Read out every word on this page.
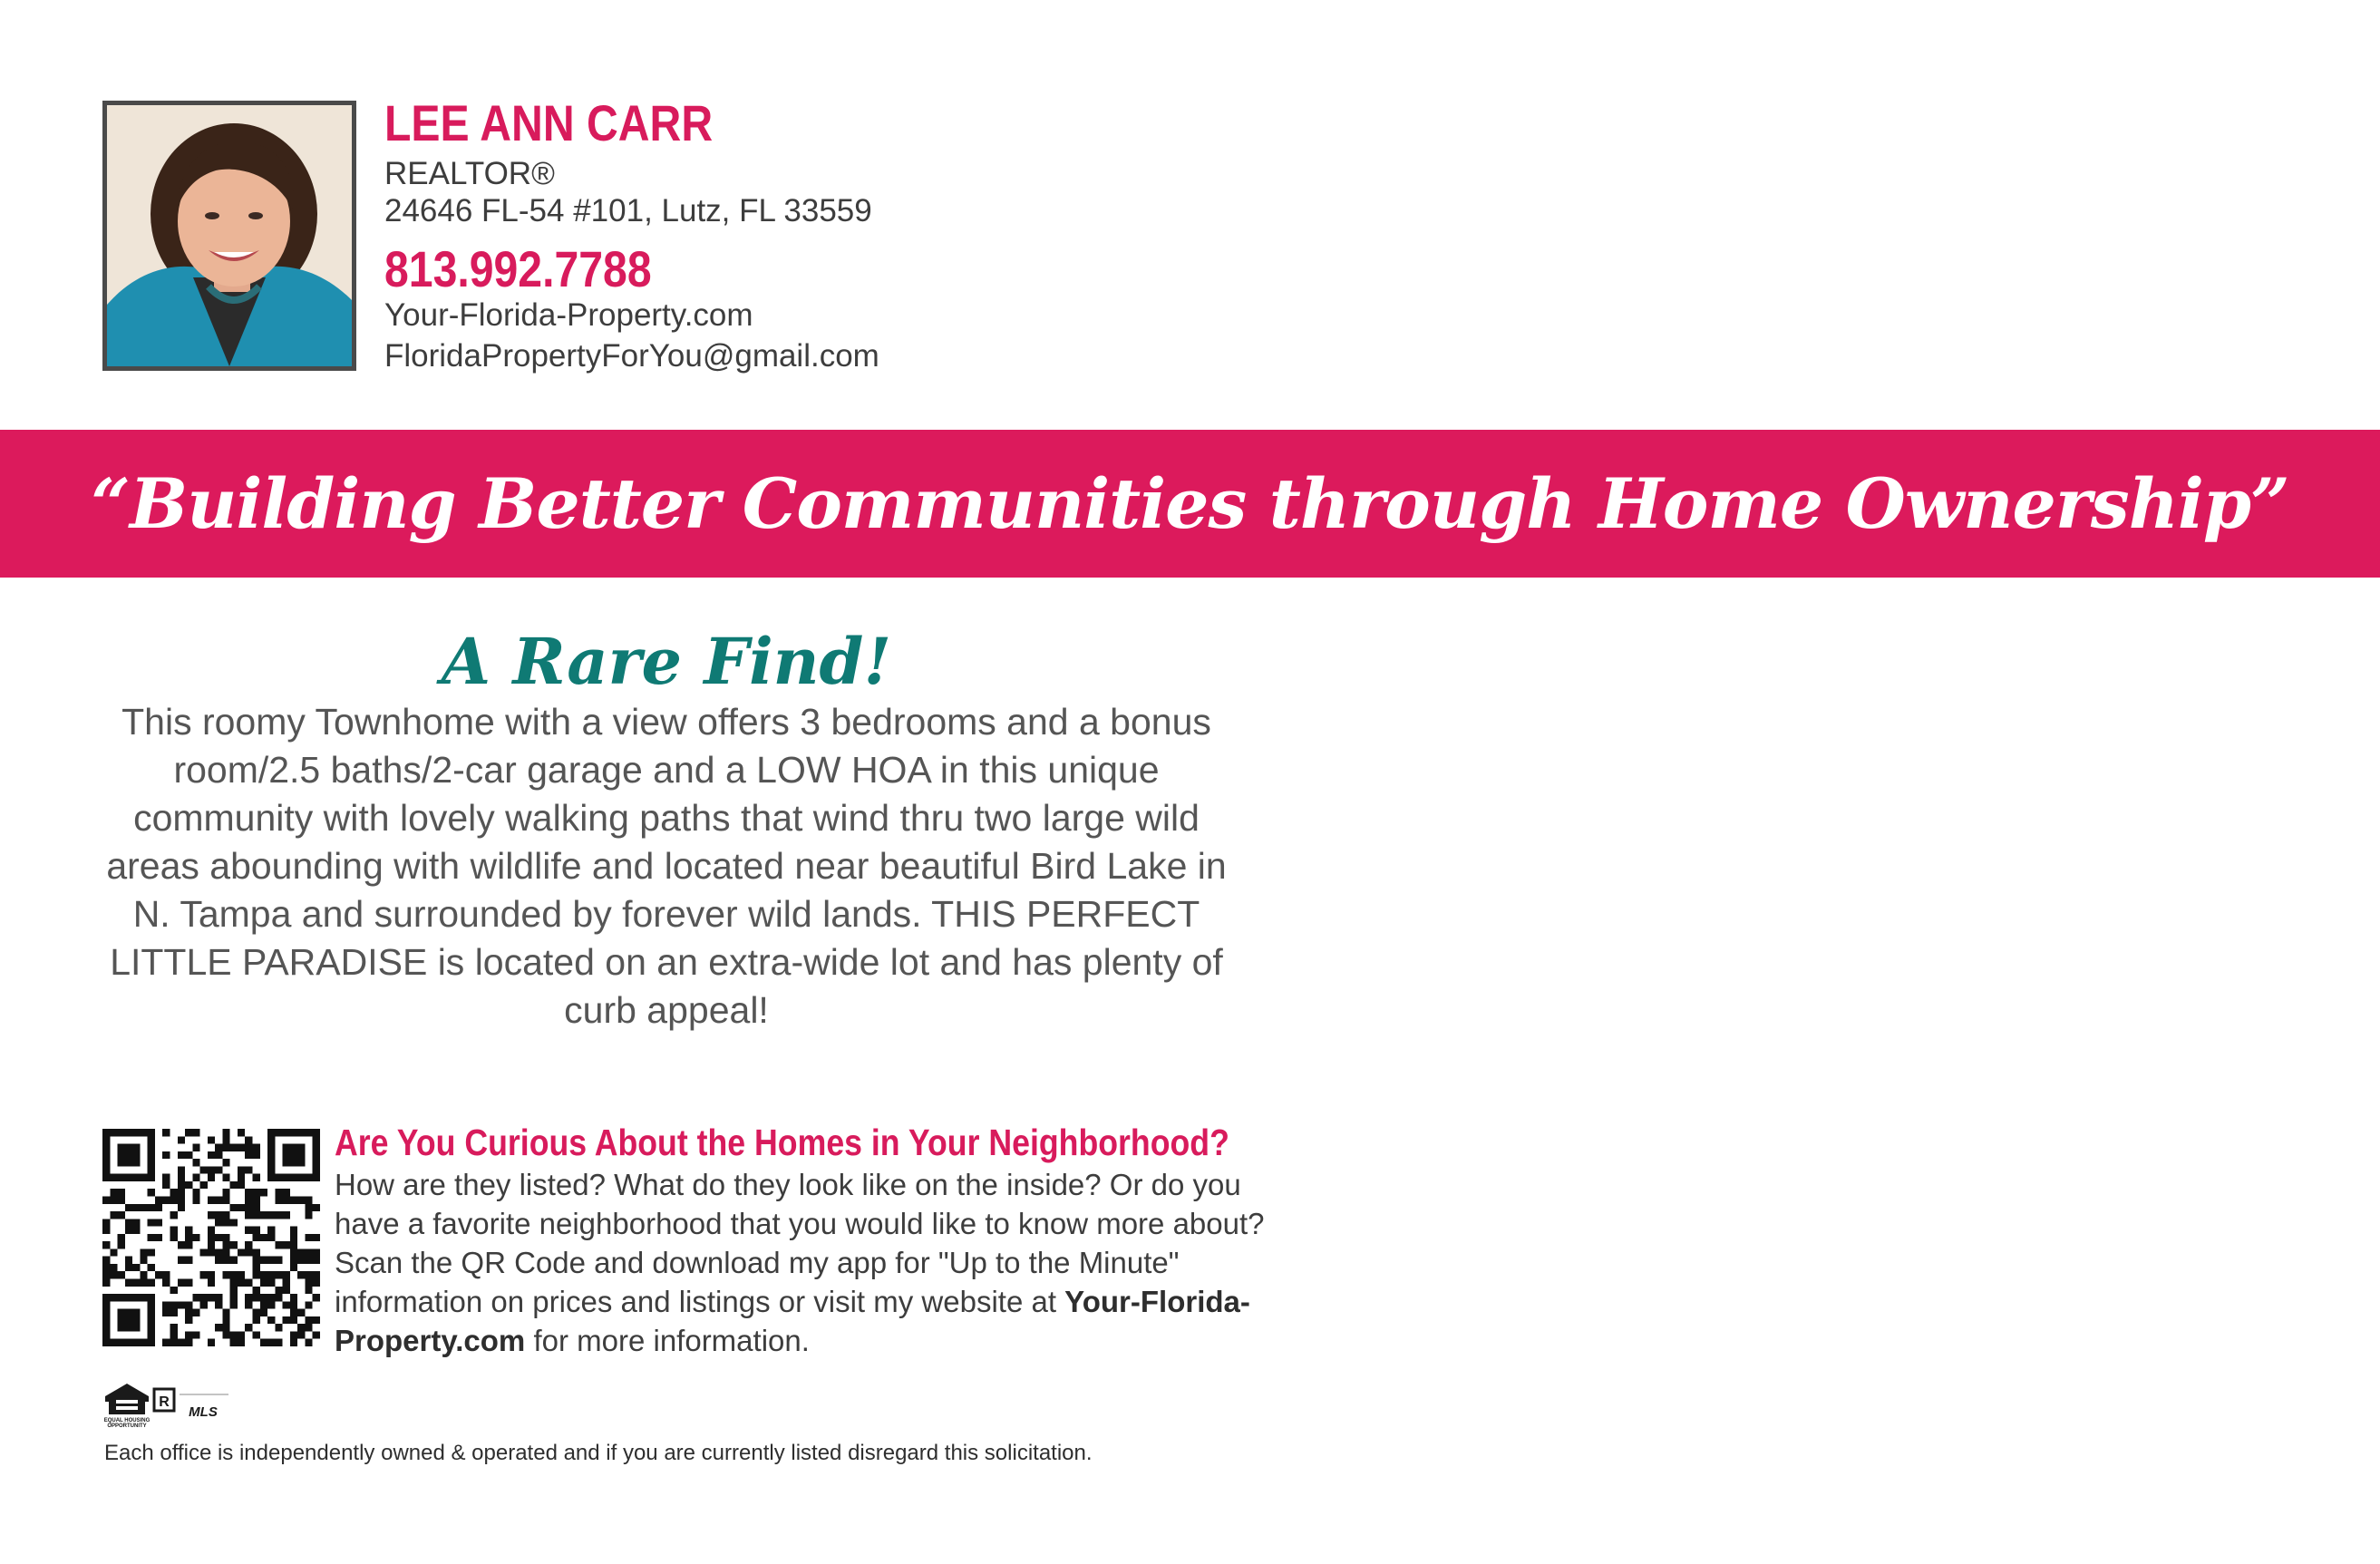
LEE ANN CARR
REALTOR®
24646 FL-54 #101, Lutz, FL 33559
813.992.7788
Your-Florida-Property.com
FloridaPropertyForYou@gmail.com
“Building Better Communities through Home Ownership”
A Rare Find!
This roomy Townhome with a view offers 3 bedrooms and a bonus room/2.5 baths/2-car garage and a LOW HOA in this unique community with lovely walking paths that wind thru two large wild areas abounding with wildlife and located near beautiful Bird Lake in N. Tampa and surrounded by forever wild lands. THIS PERFECT LITTLE PARADISE is located on an extra-wide lot and has plenty of curb appeal!
Are You Curious About the Homes in Your Neighborhood?
How are they listed? What do they look like on the inside? Or do you have a favorite neighborhood that you would like to know more about? Scan the QR Code and download my app for "Up to the Minute" information on prices and listings or visit my website at Your-Florida-Property.com for more information.
EQUAL HOUSING
OPPORTUNITY
R
MLS
Each office is independently owned & operated and if you are currently listed disregard this solicitation.
